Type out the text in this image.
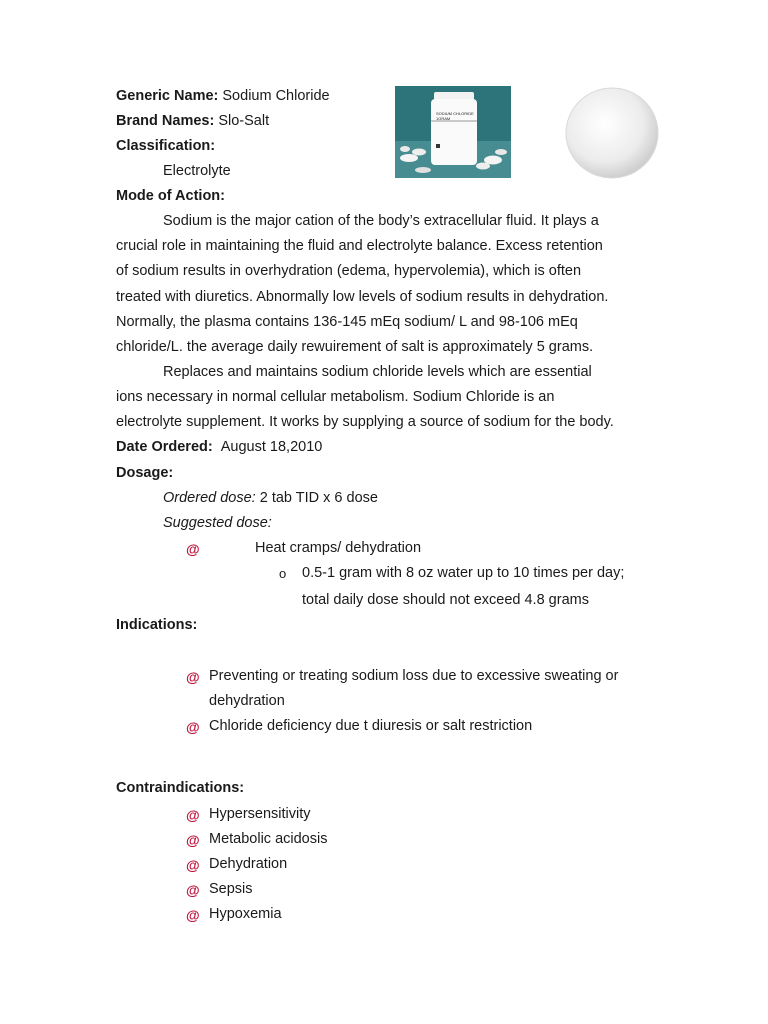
Generic Name: Sodium Chloride
Brand Names: Slo-Salt
Classification:
Electrolyte
SODIUM CHLORIDE
1GRAM
Mode of Action:
Sodium is the major cation of the body’s extracellular fluid. It plays a
crucial role in maintaining the fluid and electrolyte balance. Excess retention
of sodium results in overhydration (edema, hypervolemia), which is often
treated with diuretics. Abnormally low levels of sodium results in dehydration.
Normally, the plasma contains 136-145 mEq sodium/ L and 98-106 mEq
chloride/L. the average daily rewuirement of salt is approximately 5 grams.
Replaces and maintains sodium chloride levels which are essential
ions necessary in normal cellular metabolism. Sodium Chloride is an
electrolyte supplement. It works by supplying a source of sodium for the body.
Date Ordered: August 18,2010
Dosage:
Ordered dose: 2 tab TID x 6 dose
Suggested dose:
@	Heat cramps/ dehydration
o 0.5-1 gram with 8 oz water up to 10 times per day;
total daily dose should not exceed 4.8 grams
Indications:
@ Preventing or treating sodium loss due to excessive sweating or
dehydration
@ Chloride deficiency due t diuresis or salt restriction
Contraindications:
@ Hypersensitivity
@ Metabolic acidosis
@ Dehydration
@ Sepsis
@ Hypoxemia
